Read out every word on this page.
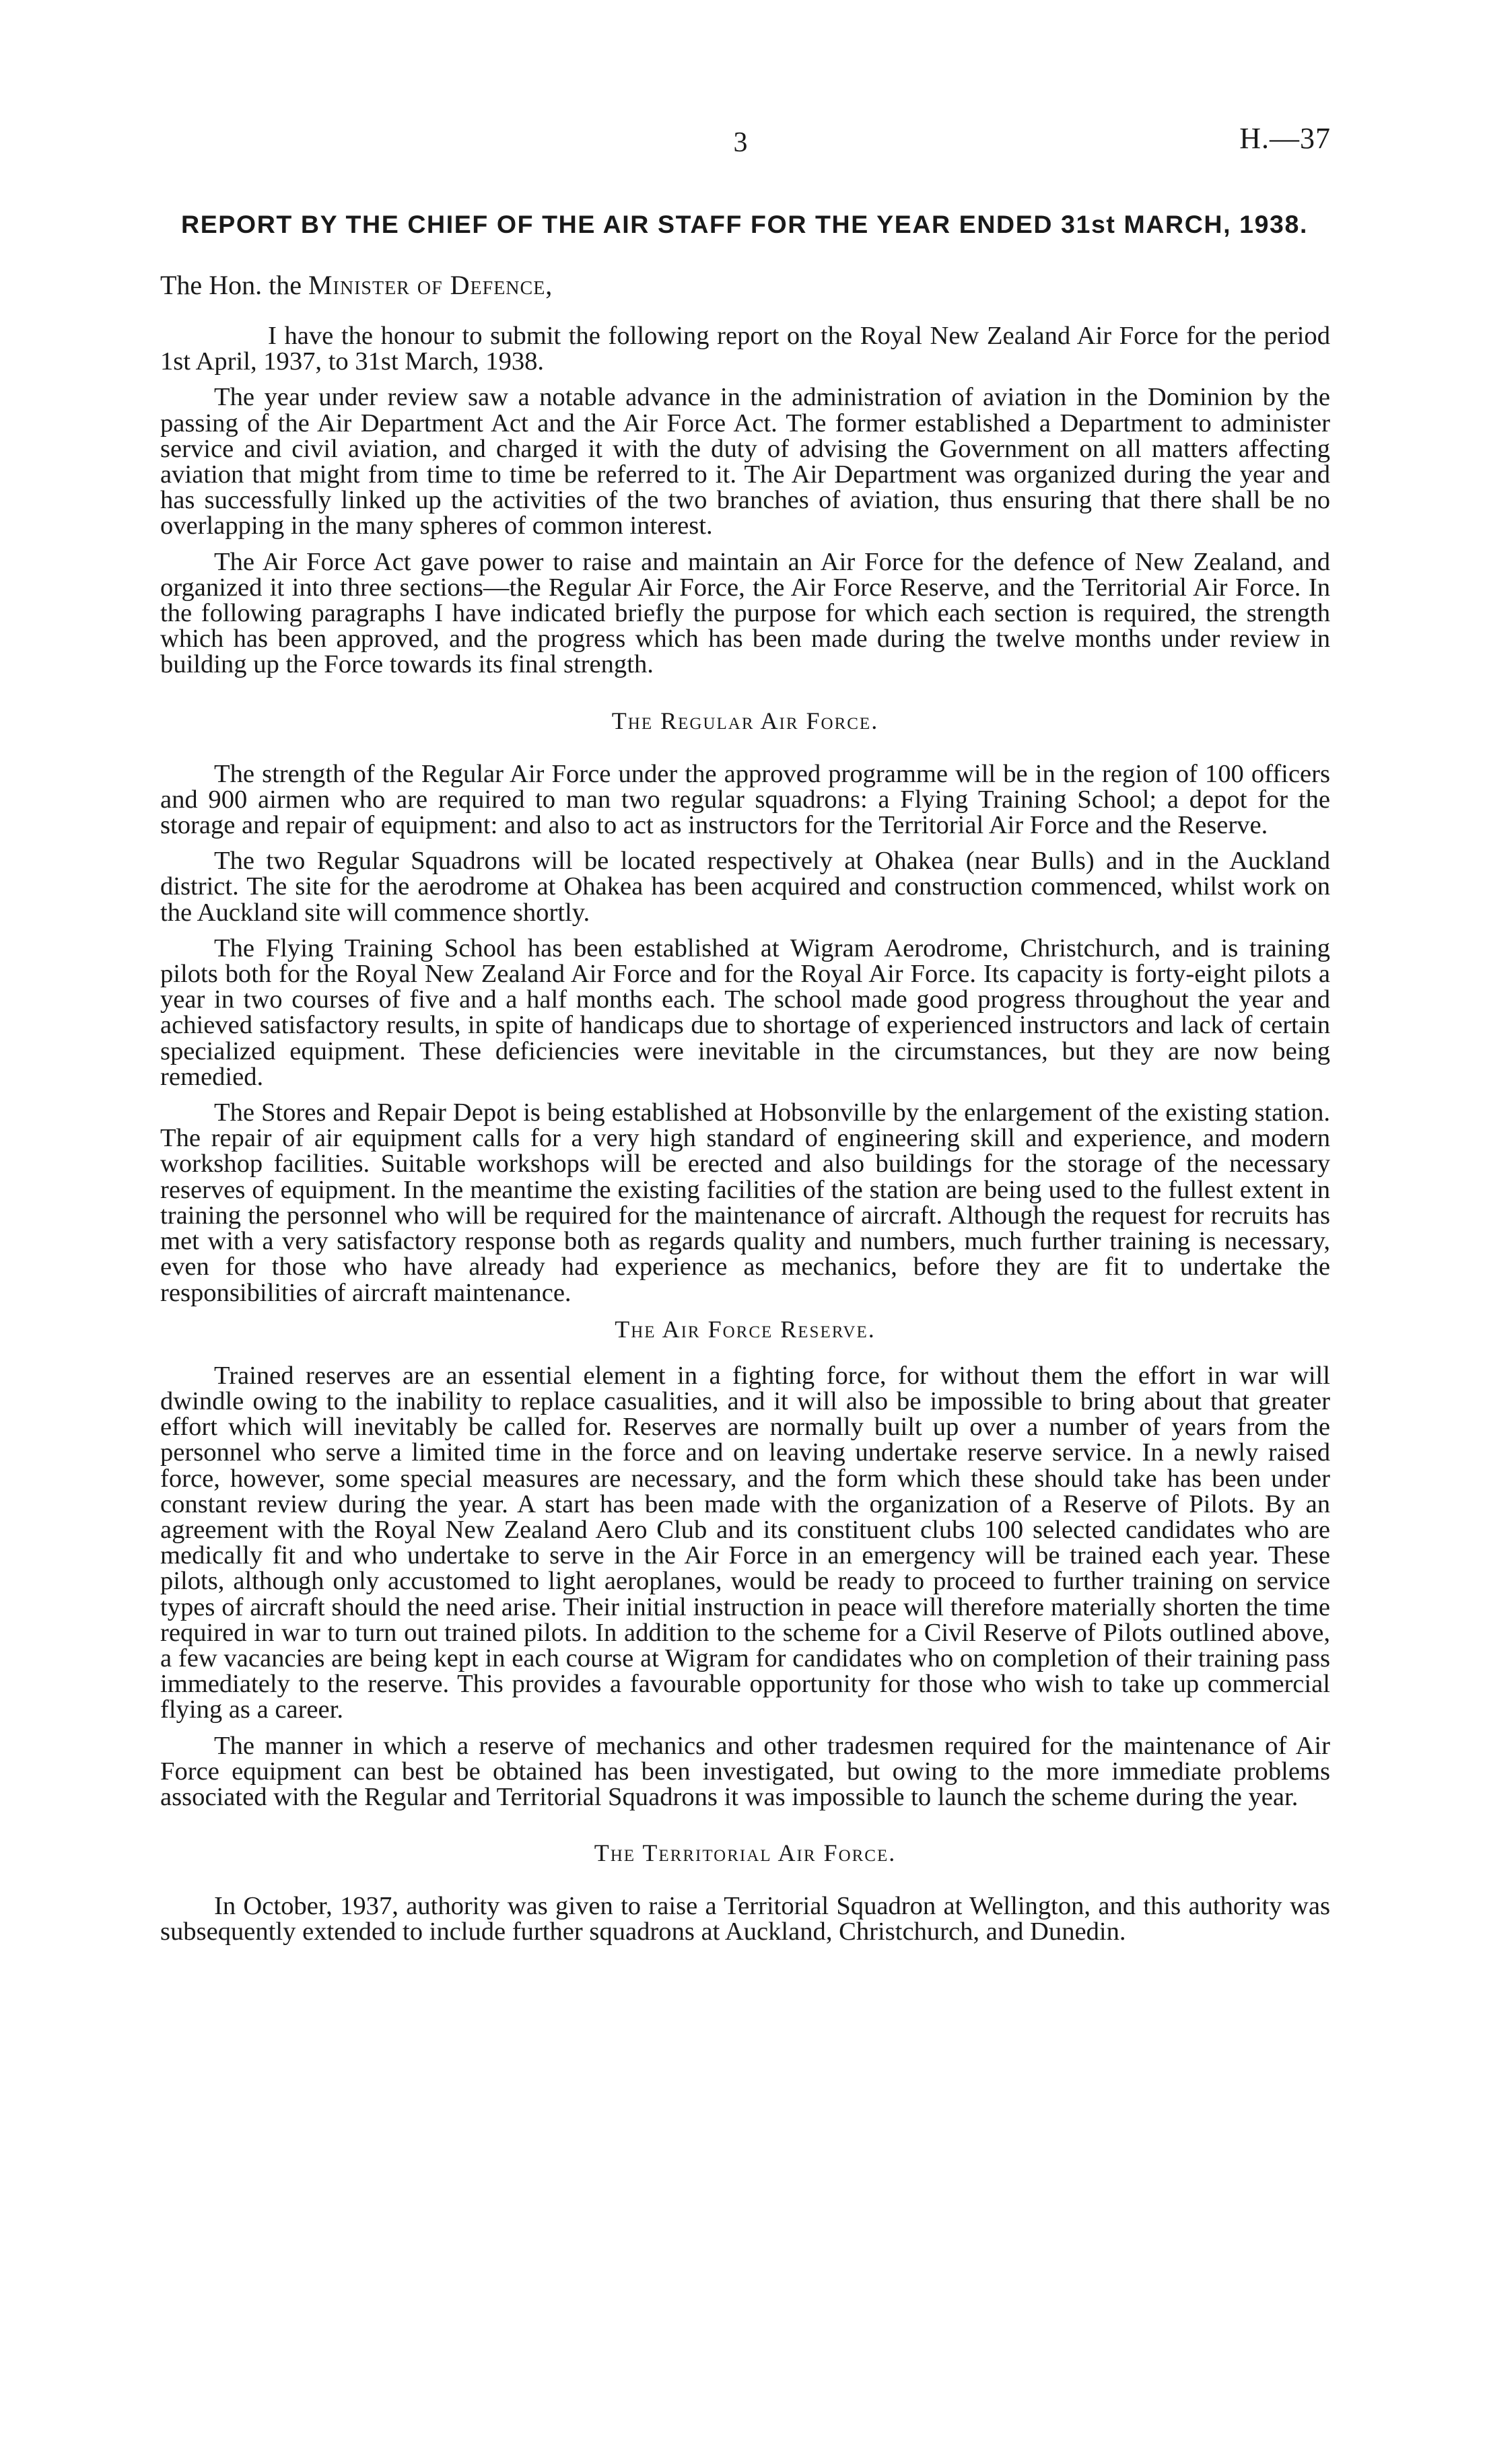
3	H.—37
REPORT BY THE CHIEF OF THE AIR STAFF FOR THE YEAR ENDED 31st MARCH, 1938.
The Hon. the Minister of Defence,

I have the honour to submit the following report on the Royal New Zealand Air Force for the period 1st April, 1937, to 31st March, 1938.

The year under review saw a notable advance in the administration of aviation in the Dominion by the passing of the Air Department Act and the Air Force Act. The former established a Department to administer service and civil aviation, and charged it with the duty of advising the Government on all matters affecting aviation that might from time to time be referred to it. The Air Department was organized during the year and has successfully linked up the activities of the two branches of aviation, thus ensuring that there shall be no overlapping in the many spheres of common interest.

The Air Force Act gave power to raise and maintain an Air Force for the defence of New Zealand, and organized it into three sections—the Regular Air Force, the Air Force Reserve, and the Territorial Air Force. In the following paragraphs I have indicated briefly the purpose for which each section is required, the strength which has been approved, and the progress which has been made during the twelve months under review in building up the Force towards its final strength.

The Regular Air Force.

The strength of the Regular Air Force under the approved programme will be in the region of 100 officers and 900 airmen who are required to man two regular squadrons: a Flying Training School; a depot for the storage and repair of equipment: and also to act as instructors for the Territorial Air Force and the Reserve.

The two Regular Squadrons will be located respectively at Ohakea (near Bulls) and in the Auckland district. The site for the aerodrome at Ohakea has been acquired and construction commenced, whilst work on the Auckland site will commence shortly.

The Flying Training School has been established at Wigram Aerodrome, Christchurch, and is training pilots both for the Royal New Zealand Air Force and for the Royal Air Force. Its capacity is forty-eight pilots a year in two courses of five and a half months each. The school made good progress throughout the year and achieved satisfactory results, in spite of handicaps due to shortage of experienced instructors and lack of certain specialized equipment. These deficiencies were inevitable in the circumstances, but they are now being remedied.

The Stores and Repair Depot is being established at Hobsonville by the enlargement of the existing station. The repair of air equipment calls for a very high standard of engineering skill and experience, and modern workshop facilities. Suitable workshops will be erected and also buildings for the storage of the necessary reserves of equipment. In the meantime the existing facilities of the station are being used to the fullest extent in training the personnel who will be required for the maintenance of aircraft. Although the request for recruits has met with a very satisfactory response both as regards quality and numbers, much further training is necessary, even for those who have already had experience as mechanics, before they are fit to undertake the responsibilities of aircraft maintenance.

The Air Force Reserve.

Trained reserves are an essential element in a fighting force, for without them the effort in war will dwindle owing to the inability to replace casualities, and it will also be impossible to bring about that greater effort which will inevitably be called for. Reserves are normally built up over a number of years from the personnel who serve a limited time in the force and on leaving undertake reserve service. In a newly raised force, however, some special measures are necessary, and the form which these should take has been under constant review during the year. A start has been made with the organization of a Reserve of Pilots. By an agreement with the Royal New Zealand Aero Club and its constituent clubs 100 selected candidates who are medically fit and who undertake to serve in the Air Force in an emergency will be trained each year. These pilots, although only accustomed to light aeroplanes, would be ready to proceed to further training on service types of aircraft should the need arise. Their initial instruction in peace will therefore materially shorten the time required in war to turn out trained pilots. In addition to the scheme for a Civil Reserve of Pilots outlined above, a few vacancies are being kept in each course at Wigram for candidates who on completion of their training pass immediately to the reserve. This provides a favourable opportunity for those who wish to take up commercial flying as a career.

The manner in which a reserve of mechanics and other tradesmen required for the maintenance of Air Force equipment can best be obtained has been investigated, but owing to the more immediate problems associated with the Regular and Territorial Squadrons it was impossible to launch the scheme during the year.

The Territorial Air Force.

In October, 1937, authority was given to raise a Territorial Squadron at Wellington, and this authority was subsequently extended to include further squadrons at Auckland, Christchurch, and Dunedin.
